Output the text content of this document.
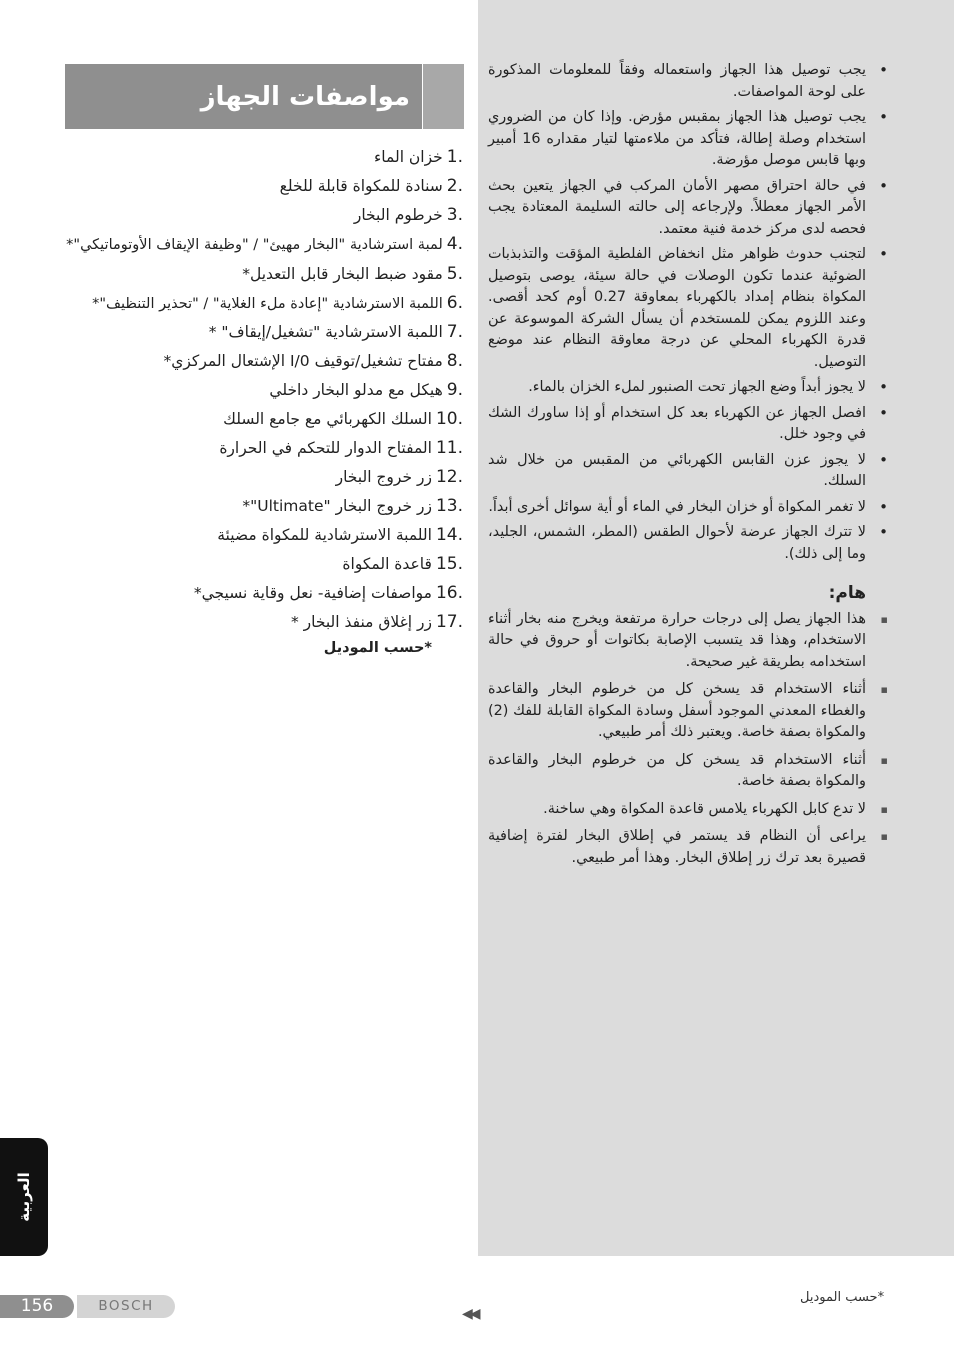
• يجب توصيل هذا الجهاز واستعماله وفقاً للمعلومات المذكورة على لوحة المواصفات.
• يجب توصيل هذا الجهاز بمقبس مؤرض. وإذا كان من الضروري استخدام وصلة إطالة، فتأكد من ملاءمتها لتيار مقداره 16 أمبير وبها قابس موصل مؤرضة.
• في حالة احتراق مصهر الأمان المركب في الجهاز يتعين بحث الأمر الجهاز معطلاً. ولإرجاعه إلى حالته السليمة المعتادة يجب فحصه لدى مركز خدمة فنية معتمد.
• لتجنب حدوث ظواهر مثل انخفاض الفلطية المؤقت والتذبذبات الضوئية عندما تكون الوصلات في حالة سيئة، يوصى بتوصيل المكواة بنظام إمداد بالكهرباء بمعاوقة 0.27 أوم كحد أقصى. وعند اللزوم يمكن للمستخدم أن يسأل الشركة الموسوعة عن قدرة الكهرباء المحلي عن درجة معاوقة النظام عند موضع التوصيل.
• لا يجوز أبداً وضع الجهاز تحت الصنبور لملء الخزان بالماء.
• افصل الجهاز عن الكهرباء بعد كل استخدام أو إذا ساورك الشك في وجود خلل.
• لا يجوز عزن القابس الكهربائي من المقبس من خلال شد السلك.
• لا تغمر المكواة أو خزان البخار في الماء أو أية سوائل أخرى أبداً.
• لا تترك الجهاز عرضة لأحوال الطقس (المطر، الشمس، الجليد، وما إلى ذلك).
هام:
▪ هذا الجهاز يصل إلى درجات حرارة مرتفعة ويخرج منه بخار أثناء الاستخدام، وهذا قد يتسبب الإصابة بكاتوات أو حروق في حالة استخدامه بطريقة غير صحيحة.
▪ أثناء الاستخدام قد يسخن كل من خرطوم البخار والقاعدة والغطاء المعدني الموجود أسفل وسادة المكواة القابلة للفك (2) والمكواة بصفة خاصة. ويعتبر ذلك أمر طبيعي.
▪ أثناء الاستخدام قد يسخن كل من خرطوم البخار والقاعدة والمكواة بصفة خاصة.
▪ لا تدع كابل الكهرباء يلامس قاعدة المكواة وهي ساخنة.
▪ يراعى أن النظام قد يستمر في إطلاق البخار لفترة إضافية قصيرة بعد ترك زر إطلاق البخار. وهذا أمر طبيعي.
مواصفات الجهاز
1.خزان الماء
2.سنادة للمكواة قابلة للخلع
3.خرطوم البخار
4.لمبة استرشادية "البخار مهيئ" / "وظيفة الإيقاف الأوتوماتيكي"*
5.مقود ضبط البخار قابل التعديل*
6.اللمبة الاسترشادية "إعادة ملء الغلاية" / "تحذير التنظيف"*
7.اللمبة الاسترشادية "تشغيل/إيقاف" *
8.مفتاح تشغيل/توقيف I/0 الإشتعال المركزي*
9.هيكل مع مدلو البخار داخلي
10.السلك الكهربائي مع جامع السلك
11.المفتاح الدوار للتحكم في الحرارة
12.زر خروج البخار
13.زر خروج البخار "Ultimate"*
14.اللمبة الاسترشادية للمكواة مضيئة
15.قاعدة المكواة
16.مواصفات إضافية- نعل وقاية نسيجي*
17.زر إغلاق منفذ البخار *
*حسب الموديل
العربية
156	BOSCH	◀◀
*حسب الموديل
